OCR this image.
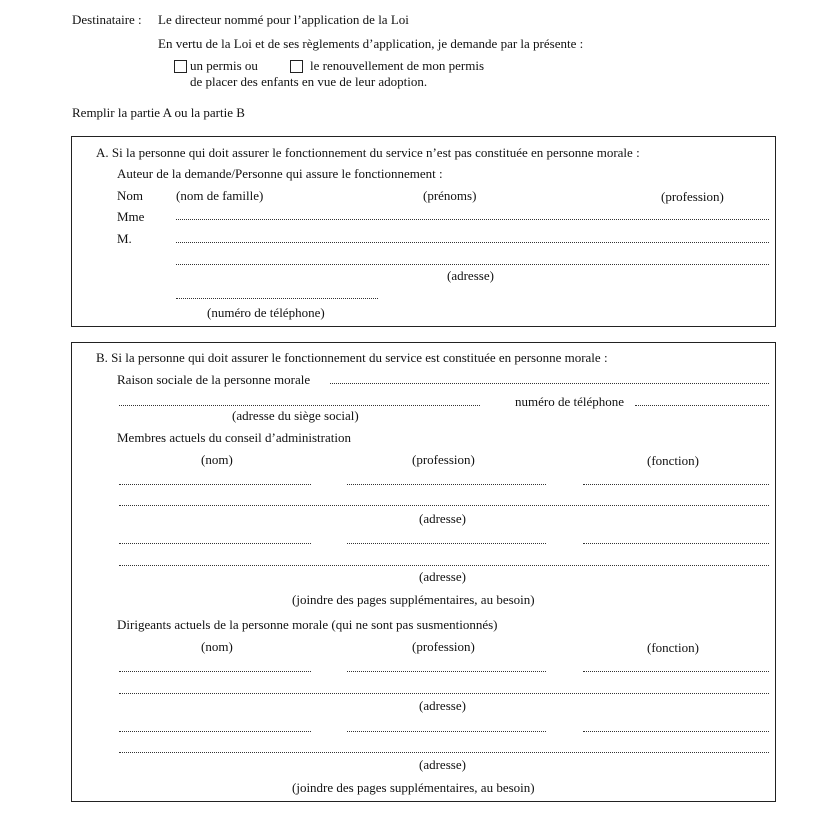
Destinataire : Le directeur nommé pour l’application de la Loi
En vertu de la Loi et de ses règlements d’application, je demande par la présente :
un permis ou	le renouvellement de mon permis
de placer des enfants en vue de leur adoption.
Remplir la partie A ou la partie B
A. Si la personne qui doit assurer le fonctionnement du service n’est pas constituée en personne morale :
Auteur de la demande/Personne qui assure le fonctionnement :
Nom
Mme
M.
(nom de famille)	(prénoms)	(profession)
(adresse)
(numéro de téléphone)
B. Si la personne qui doit assurer le fonctionnement du service est constituée en personne morale :
Raison sociale de la personne morale
numéro de téléphone
(adresse du siège social)
Membres actuels du conseil d’administration
(nom)	(profession)	(fonction)
(adresse)
(adresse)
(joindre des pages supplémentaires, au besoin)
Dirigeants actuels de la personne morale (qui ne sont pas susmentionnés)
(nom)	(profession)	(fonction)
(adresse)
(adresse)
(joindre des pages supplémentaires, au besoin)
